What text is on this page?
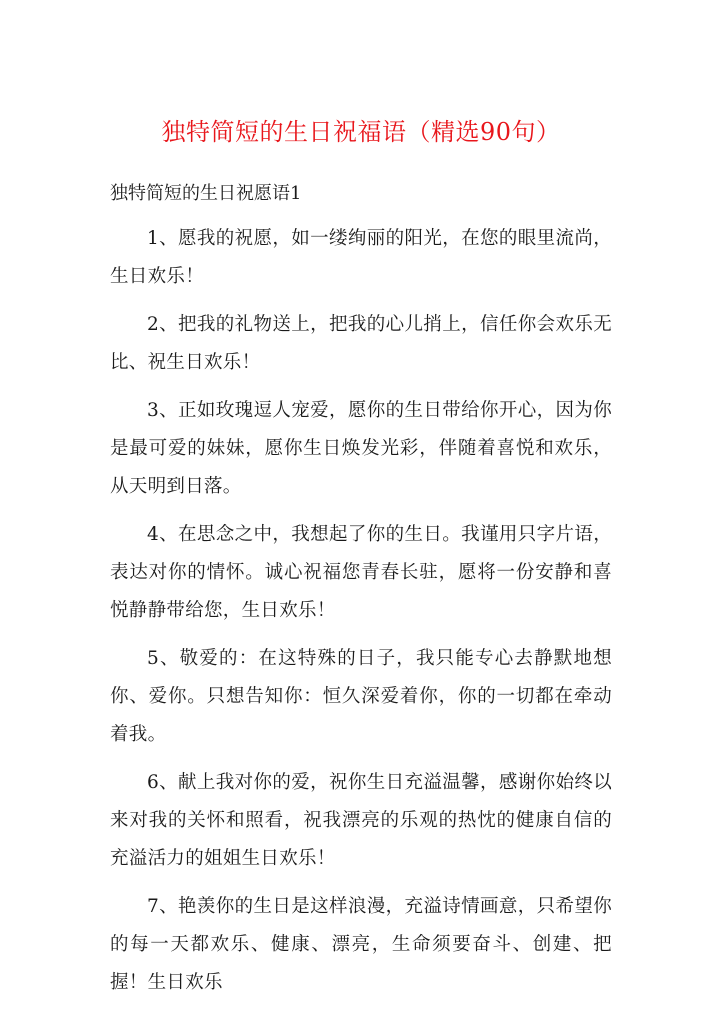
独特简短的生日祝福语（精选90句）
独特简短的生日祝愿语1

1、愿我的祝愿，如一缕绚丽的阳光，在您的眼里流尚，生日欢乐！

2、把我的礼物送上，把我的心儿捎上，信任你会欢乐无比、祝生日欢乐！

3、正如玫瑰逗人宠爱，愿你的生日带给你开心，因为你是最可爱的妹妹，愿你生日焕发光彩，伴随着喜悦和欢乐，从天明到日落。

4、在思念之中，我想起了你的生日。我谨用只字片语，表达对你的情怀。诚心祝福您青春长驻，愿将一份安静和喜悦静静带给您，生日欢乐！

5、敬爱的：在这特殊的日子，我只能专心去静默地想你、爱你。只想告知你：恒久深爱着你，你的一切都在牵动着我。

6、献上我对你的爱，祝你生日充溢温馨，感谢你始终以来对我的关怀和照看，祝我漂亮的乐观的热忱的健康自信的充溢活力的姐姐生日欢乐！

7、艳羡你的生日是这样浪漫，充溢诗情画意，只希望你的每一天都欢乐、健康、漂亮，生命须要奋斗、创建、把握！生日欢乐
